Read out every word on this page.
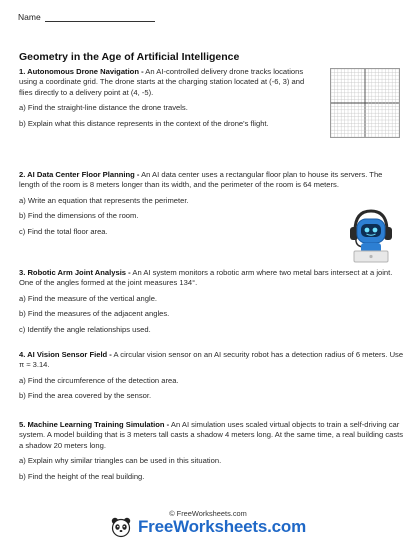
Name
Geometry in the Age of Artificial Intelligence
1. Autonomous Drone Navigation - An AI-controlled delivery drone tracks locations using a coordinate grid. The drone starts at the charging station located at (-6, 3) and flies directly to a delivery point at (4, -5).
a) Find the straight-line distance the drone travels.
b) Explain what this distance represents in the context of the drone's flight.
2. AI Data Center Floor Planning - An AI data center uses a rectangular floor plan to house its servers. The length of the room is 8 meters longer than its width, and the perimeter of the room is 64 meters.
a) Write an equation that represents the perimeter.
b) Find the dimensions of the room.
c) Find the total floor area.
3. Robotic Arm Joint Analysis - An AI system monitors a robotic arm where two metal bars intersect at a joint. One of the angles formed at the joint measures 134°.
a) Find the measure of the vertical angle.
b) Find the measures of the adjacent angles.
c) Identify the angle relationships used.
4. AI Vision Sensor Field - A circular vision sensor on an AI security robot has a detection radius of 6 meters. Use π ≈ 3.14.
a) Find the circumference of the detection area.
b) Find the area covered by the sensor.
5. Machine Learning Training Simulation - An AI simulation uses scaled virtual objects to train a self-driving car system. A model building that is 3 meters tall casts a shadow 4 meters long. At the same time, a real building casts a shadow 20 meters long.
a) Explain why similar triangles can be used in this situation.
b) Find the height of the real building.
© FreeWorksheets.com
FreeWorksheets.com
